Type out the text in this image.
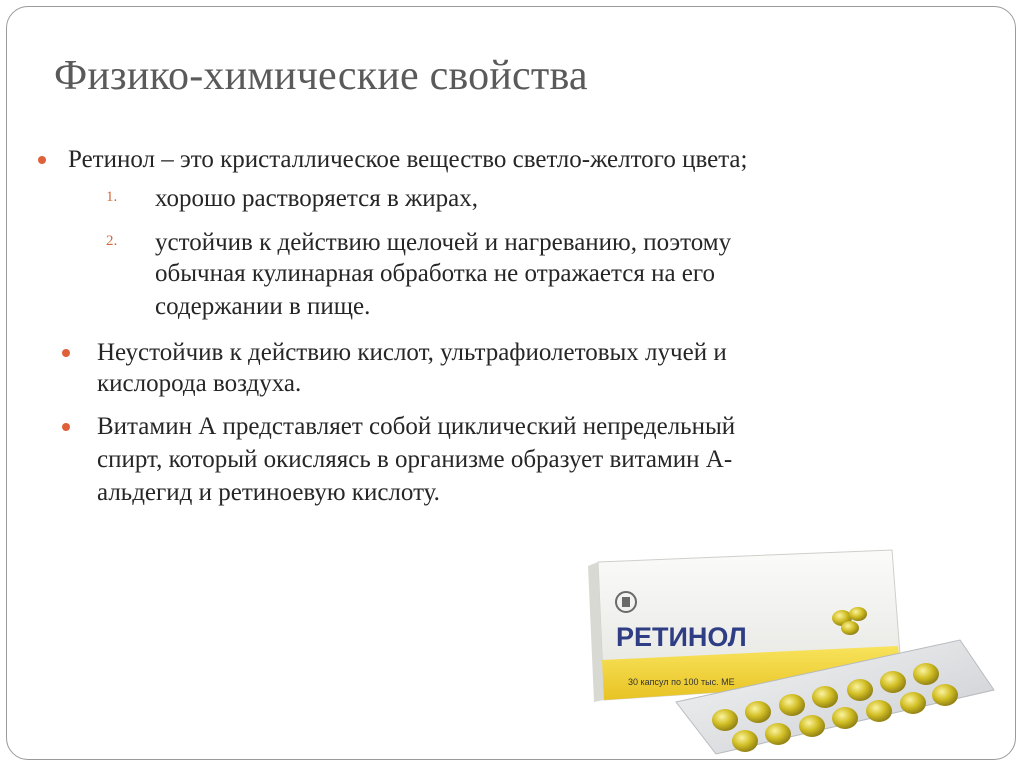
Физико-химические свойства
Ретинол – это кристаллическое вещество светло-желтого цвета;
1. хорошо растворяется в жирах,
2. устойчив к действию щелочей и нагреванию, поэтому
обычная кулинарная обработка не отражается на его
содержании в пище.
Неустойчив к действию кислот, ультрафиолетовых лучей и
кислорода воздуха.
Витамин А представляет собой циклический непредельный
спирт, который окисляясь в организме образует витамин А-
альдегид и ретиноевую кислоту.
РЕТИНОЛ
30 капсул по 100 тыс. МЕ
